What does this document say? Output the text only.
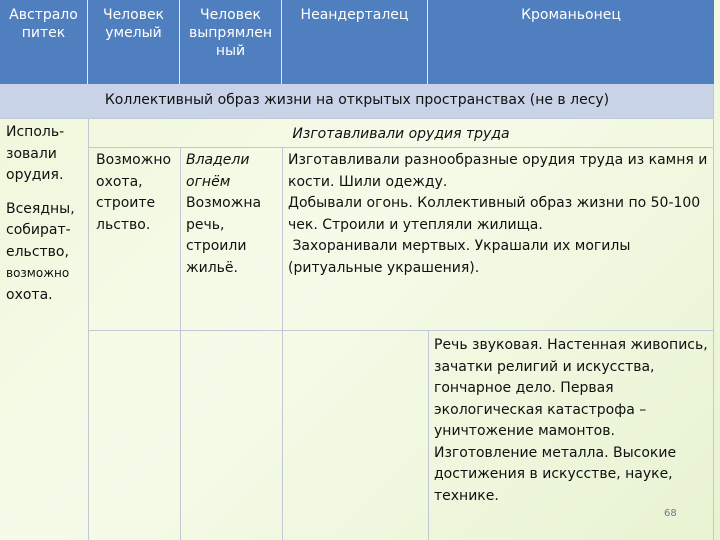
Австрало питек
Человек умелый
Человек выпрямлен ный
Неандерталец	Кроманьонец
Коллективный образ жизни на открытых пространствах (не в лесу)
Исполь-зовали орудия.
Всеядны, собират-ельство,
возможно
охота.
Изготавливали орудия труда
Возможно охота, строите льство.
Владели огнём
Возможна речь, строили жильё.
Изготавливали разнообразные орудия труда из камня и кости. Шили одежду.
Добывали огонь. Коллективный образ жизни по 50-100 чек. Строили и утепляли жилища.
Захоранивали мертвых. Украшали их могилы (ритуальные украшения).
Речь звуковая. Настенная живопись, зачатки религий и искусства, гончарное дело. Первая экологическая катастрофа – уничтожение мамонтов. Изготовление металла. Высокие достижения в искусстве, науке, технике.
68
